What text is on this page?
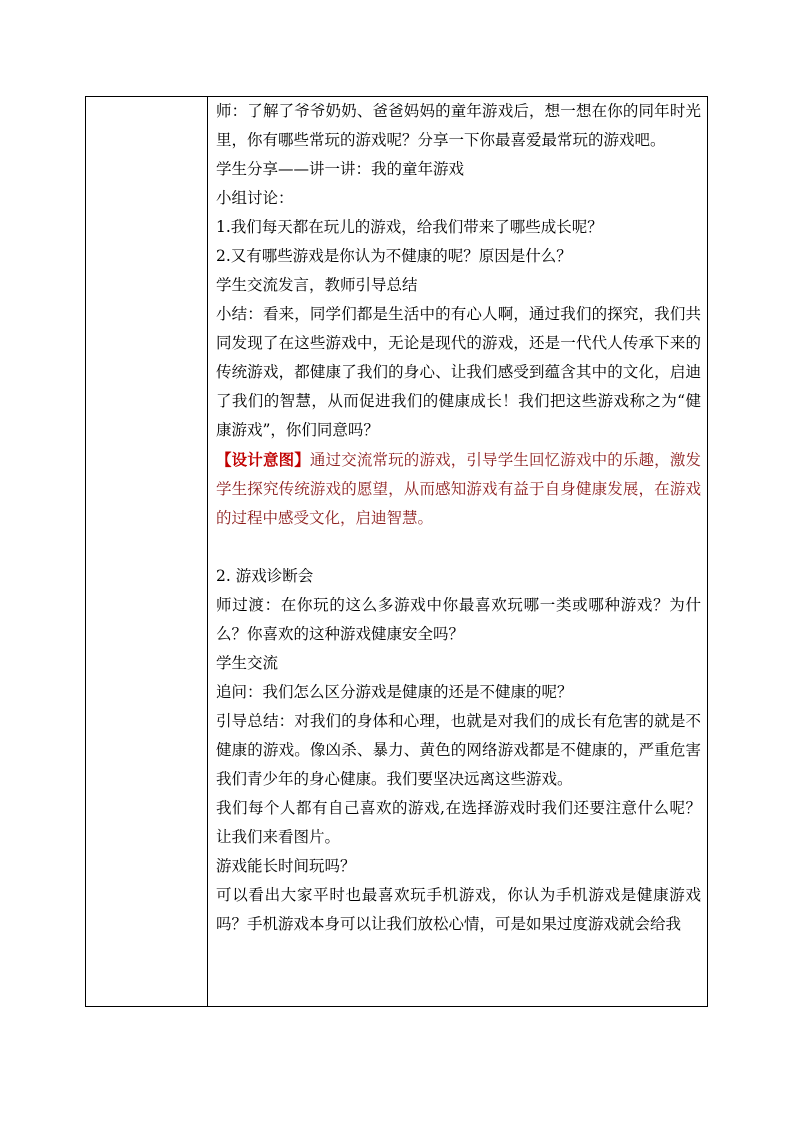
师：了解了爷爷奶奶、爸爸妈妈的童年游戏后，想一想在你的同年时光里，你有哪些常玩的游戏呢？分享一下你最喜爱最常玩的游戏吧。

学生分享——讲一讲：我的童年游戏

小组讨论：

1.我们每天都在玩儿的游戏，给我们带来了哪些成长呢？

2.又有哪些游戏是你认为不健康的呢？原因是什么？

学生交流发言，教师引导总结

小结：看来，同学们都是生活中的有心人啊，通过我们的探究，我们共同发现了在这些游戏中，无论是现代的游戏，还是一代代人传承下来的传统游戏，都健康了我们的身心、让我们感受到蕴含其中的文化，启迪了我们的智慧，从而促进我们的健康成长！我们把这些游戏称之为“健康游戏”，你们同意吗？

【设计意图】通过交流常玩的游戏，引导学生回忆游戏中的乐趣，激发学生探究传统游戏的愿望，从而感知游戏有益于自身健康发展，在游戏的过程中感受文化，启迪智慧。

2. 游戏诊断会

师过渡：在你玩的这么多游戏中你最喜欢玩哪一类或哪种游戏？为什么？你喜欢的这种游戏健康安全吗？

学生交流

追问：我们怎么区分游戏是健康的还是不健康的呢？

引导总结：对我们的身体和心理，也就是对我们的成长有危害的就是不健康的游戏。像凶杀、暴力、黄色的网络游戏都是不健康的，严重危害我们青少年的身心健康。我们要坚决远离这些游戏。

我们每个人都有自己喜欢的游戏,在选择游戏时我们还要注意什么呢？让我们来看图片。

游戏能长时间玩吗？

可以看出大家平时也最喜欢玩手机游戏，你认为手机游戏是健康游戏吗？手机游戏本身可以让我们放松心情，可是如果过度游戏就会给我
